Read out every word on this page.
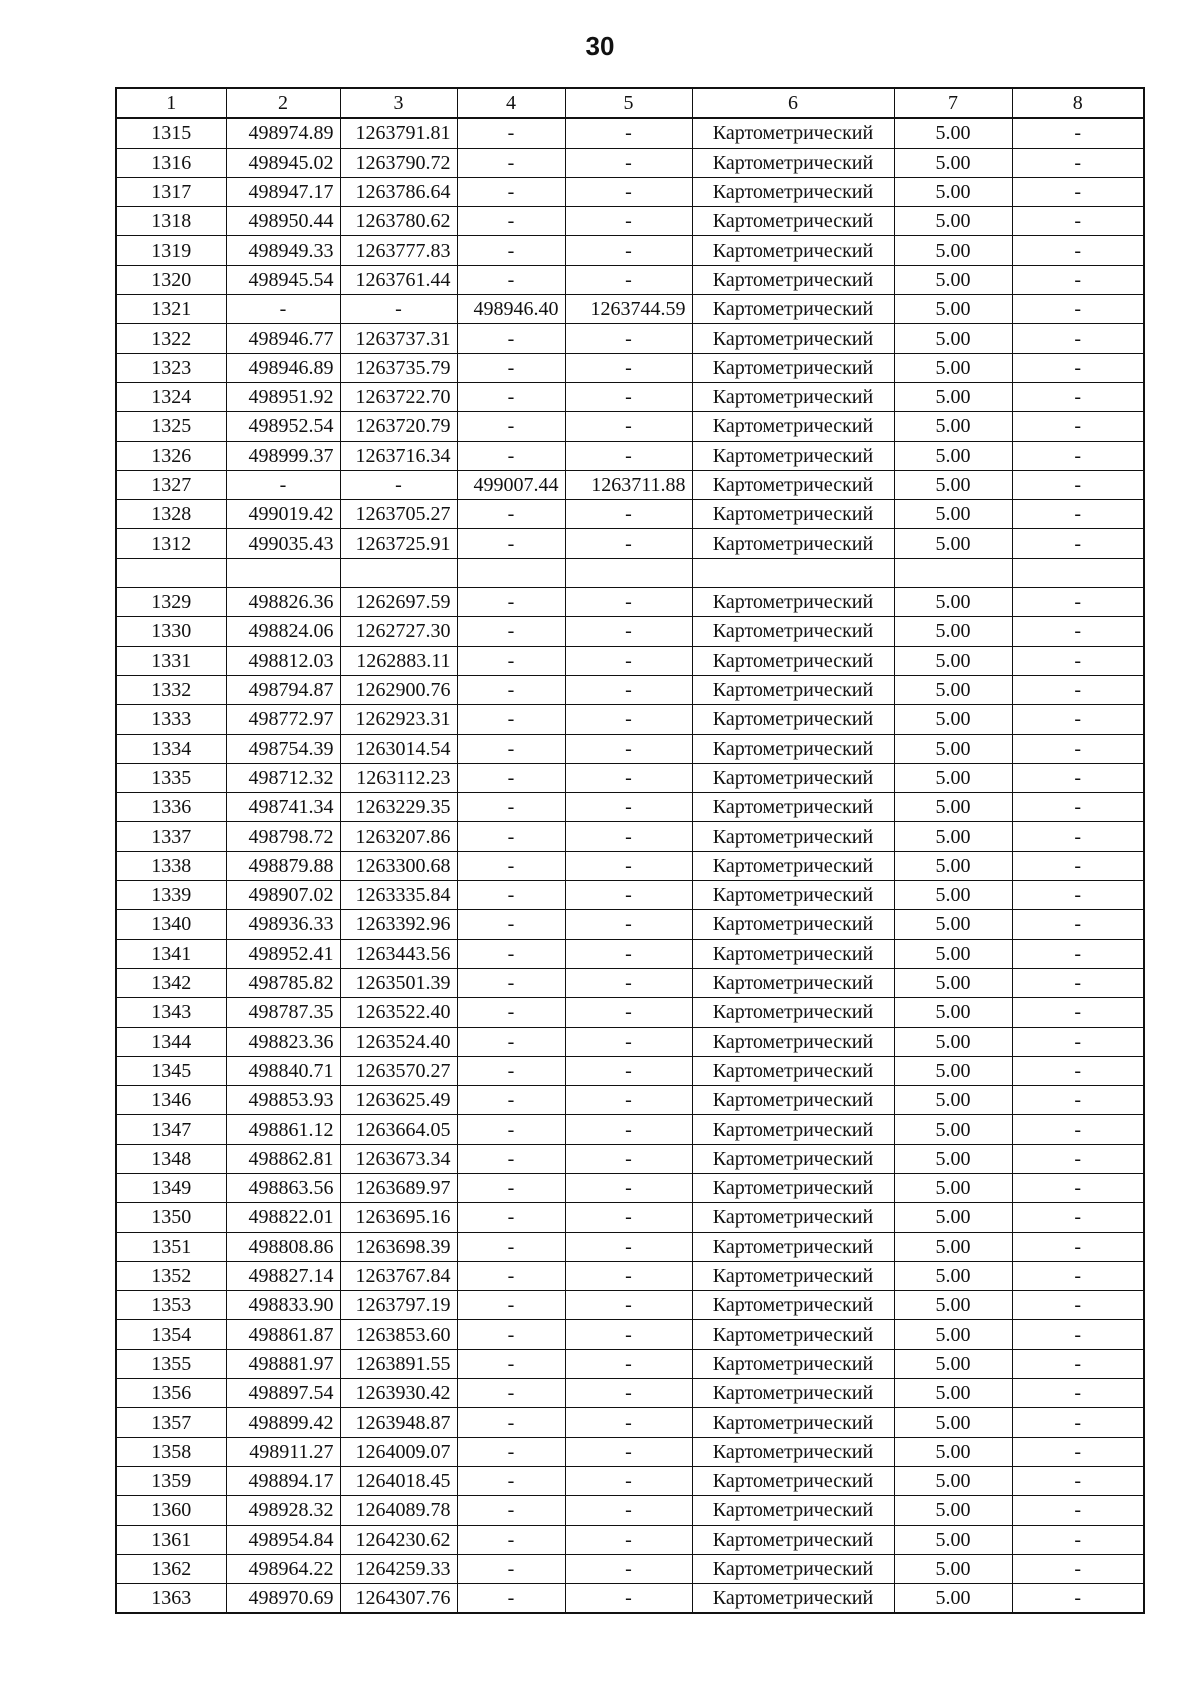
30
1	2	3	4	5	6	7	8
1315	498974.89	1263791.81	-	-	Картометрический	5.00	-
1316	498945.02	1263790.72	-	-	Картометрический	5.00	-
1317	498947.17	1263786.64	-	-	Картометрический	5.00	-
1318	498950.44	1263780.62	-	-	Картометрический	5.00	-
1319	498949.33	1263777.83	-	-	Картометрический	5.00	-
1320	498945.54	1263761.44	-	-	Картометрический	5.00	-
1321	-	-	498946.40	1263744.59	Картометрический	5.00	-
1322	498946.77	1263737.31	-	-	Картометрический	5.00	-
1323	498946.89	1263735.79	-	-	Картометрический	5.00	-
1324	498951.92	1263722.70	-	-	Картометрический	5.00	-
1325	498952.54	1263720.79	-	-	Картометрический	5.00	-
1326	498999.37	1263716.34	-	-	Картометрический	5.00	-
1327	-	-	499007.44	1263711.88	Картометрический	5.00	-
1328	499019.42	1263705.27	-	-	Картометрический	5.00	-
1312	499035.43	1263725.91	-	-	Картометрический	5.00	-

1329	498826.36	1262697.59	-	-	Картометрический	5.00	-
1330	498824.06	1262727.30	-	-	Картометрический	5.00	-
1331	498812.03	1262883.11	-	-	Картометрический	5.00	-
1332	498794.87	1262900.76	-	-	Картометрический	5.00	-
1333	498772.97	1262923.31	-	-	Картометрический	5.00	-
1334	498754.39	1263014.54	-	-	Картометрический	5.00	-
1335	498712.32	1263112.23	-	-	Картометрический	5.00	-
1336	498741.34	1263229.35	-	-	Картометрический	5.00	-
1337	498798.72	1263207.86	-	-	Картометрический	5.00	-
1338	498879.88	1263300.68	-	-	Картометрический	5.00	-
1339	498907.02	1263335.84	-	-	Картометрический	5.00	-
1340	498936.33	1263392.96	-	-	Картометрический	5.00	-
1341	498952.41	1263443.56	-	-	Картометрический	5.00	-
1342	498785.82	1263501.39	-	-	Картометрический	5.00	-
1343	498787.35	1263522.40	-	-	Картометрический	5.00	-
1344	498823.36	1263524.40	-	-	Картометрический	5.00	-
1345	498840.71	1263570.27	-	-	Картометрический	5.00	-
1346	498853.93	1263625.49	-	-	Картометрический	5.00	-
1347	498861.12	1263664.05	-	-	Картометрический	5.00	-
1348	498862.81	1263673.34	-	-	Картометрический	5.00	-
1349	498863.56	1263689.97	-	-	Картометрический	5.00	-
1350	498822.01	1263695.16	-	-	Картометрический	5.00	-
1351	498808.86	1263698.39	-	-	Картометрический	5.00	-
1352	498827.14	1263767.84	-	-	Картометрический	5.00	-
1353	498833.90	1263797.19	-	-	Картометрический	5.00	-
1354	498861.87	1263853.60	-	-	Картометрический	5.00	-
1355	498881.97	1263891.55	-	-	Картометрический	5.00	-
1356	498897.54	1263930.42	-	-	Картометрический	5.00	-
1357	498899.42	1263948.87	-	-	Картометрический	5.00	-
1358	498911.27	1264009.07	-	-	Картометрический	5.00	-
1359	498894.17	1264018.45	-	-	Картометрический	5.00	-
1360	498928.32	1264089.78	-	-	Картометрический	5.00	-
1361	498954.84	1264230.62	-	-	Картометрический	5.00	-
1362	498964.22	1264259.33	-	-	Картометрический	5.00	-
1363	498970.69	1264307.76	-	-	Картометрический	5.00	-
